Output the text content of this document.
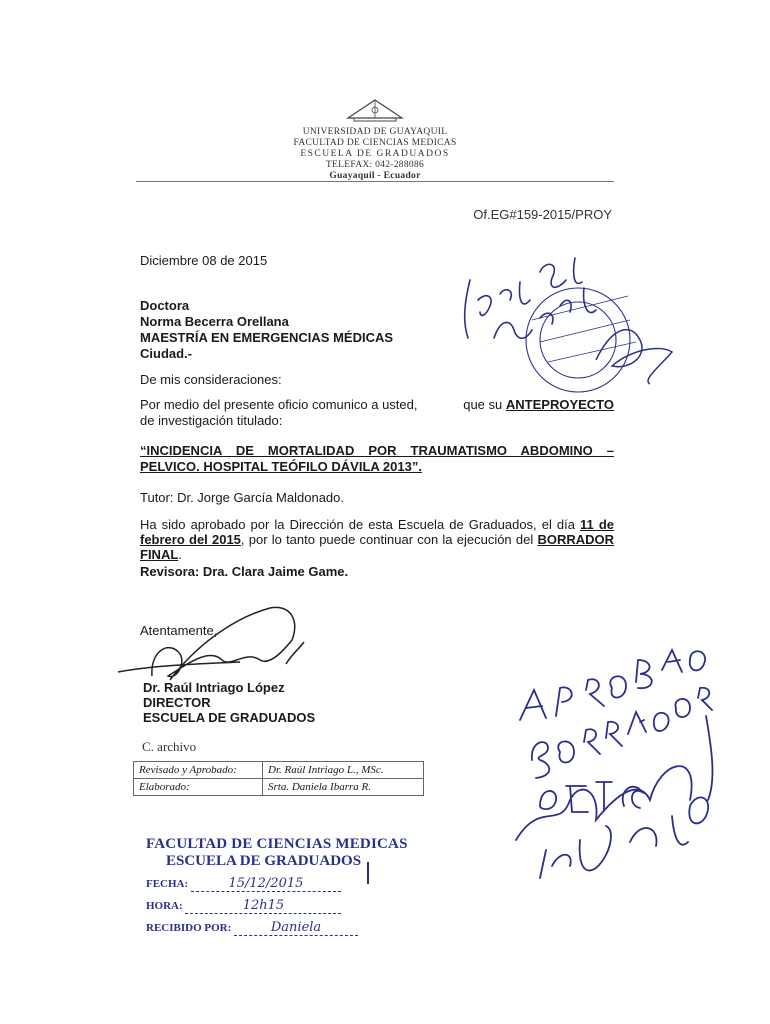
UNIVERSIDAD DE GUAYAQUIL
FACULTAD DE CIENCIAS MEDICAS
ESCUELA DE GRADUADOS
TELEFAX: 042-288086
Guayaquil - Ecuador
Of.EG#159-2015/PROY
Diciembre 08 de 2015
Doctora
Norma Becerra Orellana
MAESTRÍA EN EMERGENCIAS MÉDICAS
Ciudad.-
De mis consideraciones:
que su ANTEPROYECTO
Por medio del presente oficio comunico a usted,
de investigación titulado:
“INCIDENCIA DE MORTALIDAD POR TRAUMATISMO ABDOMINO – PELVICO. HOSPITAL TEÓFILO DÁVILA 2013”.
Tutor: Dr. Jorge García Maldonado.
Ha sido aprobado por la Dirección de esta Escuela de Graduados, el día 11 de febrero del 2015, por lo tanto puede continuar con la ejecución del BORRADOR FINAL.
Revisora: Dra. Clara Jaime Game.
Atentamente,
Dr. Raúl Intriago López
DIRECTOR
ESCUELA DE GRADUADOS
C. archivo
Revisado y Aprobado:	Dr. Raúl Intriago L., MSc.
Elaborado:	Srta. Daniela Ibarra R.
FACULTAD DE CIENCIAS MEDICAS
ESCUELA DE GRADUADOS
FECHA:	15/12/2015
HORA:	12h15
RECIBIDO POR:	Daniela
